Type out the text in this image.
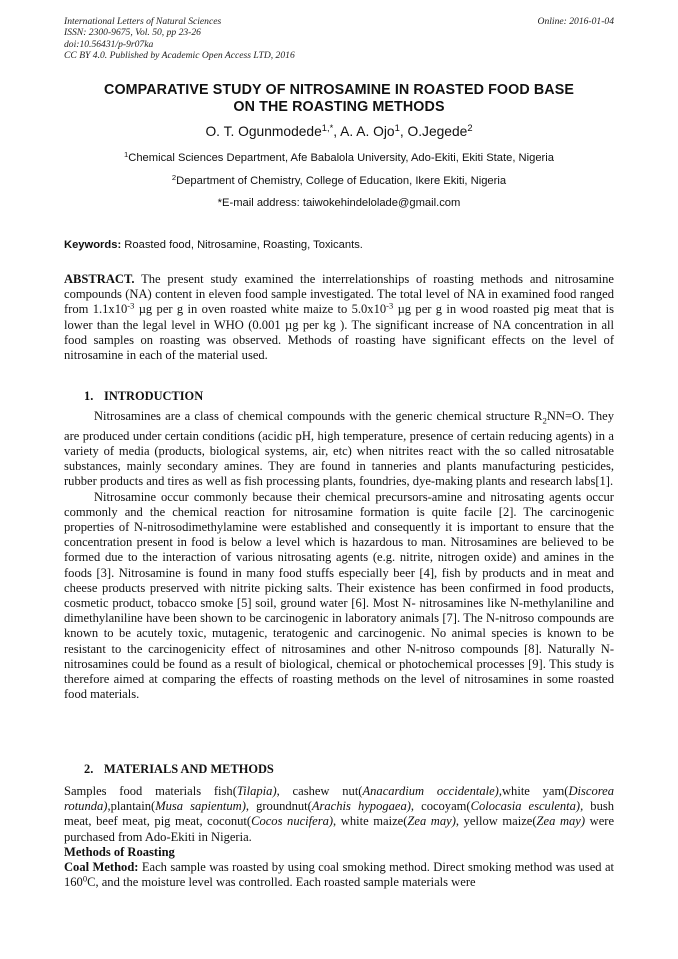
International Letters of Natural Sciences
ISSN: 2300-9675, Vol. 50, pp 23-26
doi:10.56431/p-9r07ka
CC BY 4.0. Published by Academic Open Access LTD, 2016
Online: 2016-01-04
COMPARATIVE STUDY OF NITROSAMINE IN ROASTED FOOD BASE
ON THE ROASTING METHODS
O. T. Ogunmodede$^{1,*}$, A. A. Ojo$^1$, O.Jegede$^2$
$^1$Chemical Sciences Department, Afe Babalola University, Ado-Ekiti, Ekiti State, Nigeria
$^2$Department of Chemistry, College of Education, Ikere Ekiti, Nigeria
*E-mail address: taiwokehindelolade@gmail.com
Keywords: Roasted food, Nitrosamine, Roasting, Toxicants.

ABSTRACT. The present study examined the interrelationships of roasting methods and nitrosamine compounds (NA) content in eleven food sample investigated. The total level of NA in examined food ranged from $1.1x10^{-3}$ µg per g in oven roasted white maize to $5.0x10^{-3}$ µg per g in wood roasted pig meat that is lower than the legal level in WHO (0.001 µg per kg ). The significant increase of NA concentration in all food samples on roasting was observed. Methods of roasting have significant effects on the level of nitrosamine in each of the material used.

1. INTRODUCTION

Nitrosamines are a class of chemical compounds with the generic chemical structure $R_2NN=O$. They are produced under certain conditions (acidic pH, high temperature, presence of certain reducing agents) in a variety of media (products, biological systems, air, etc) when nitrites react with the so called nitrosatable substances, mainly secondary amines. They are found in tanneries and plants manufacturing pesticides, rubber products and tires as well as fish processing plants, foundries, dye-making plants and research labs[1].

Nitrosamine occur commonly because their chemical precursors-amine and nitrosating agents occur commonly and the chemical reaction for nitrosamine formation is quite facile [2]. The carcinogenic properties of N-nitrosodimethylamine were established and consequently it is important to ensure that the concentration present in food is below a level which is hazardous to man. Nitrosamines are believed to be formed due to the interaction of various nitrosating agents (e.g. nitrite, nitrogen oxide) and amines in the foods [3]. Nitrosamine is found in many food stuffs especially beer [4], fish by products and in meat and cheese products preserved with nitrite picking salts. Their existence has been confirmed in food products, cosmetic product, tobacco smoke [5] soil, ground water [6]. Most N- nitrosamines like N-methylaniline and dimethylaniline have been shown to be carcinogenic in laboratory animals [7]. The N-nitroso compounds are known to be acutely toxic, mutagenic, teratogenic and carcinogenic. No animal species is known to be resistant to the carcinogenicity effect of nitrosamines and other N-nitroso compounds [8]. Naturally N-nitrosamines could be found as a result of biological, chemical or photochemical processes [9]. This study is therefore aimed at comparing the effects of roasting methods on the level of nitrosamines in some roasted food materials.

2. MATERIALS AND METHODS

Samples food materials fish(Tilapia), cashew nut(Anacardium occidentale),white yam(Discorea rotunda),plantain(Musa sapientum), groundnut(Arachis hypogaea), cocoyam(Colocasia esculenta), bush meat, beef meat, pig meat, coconut(Cocos nucifera), white maize(Zea may), yellow maize(Zea may) were purchased from Ado-Ekiti in Nigeria.

Methods of Roasting

Coal Method: Each sample was roasted by using coal smoking method. Direct smoking method was used at $160^0C$, and the moisture level was controlled. Each roasted sample materials were
